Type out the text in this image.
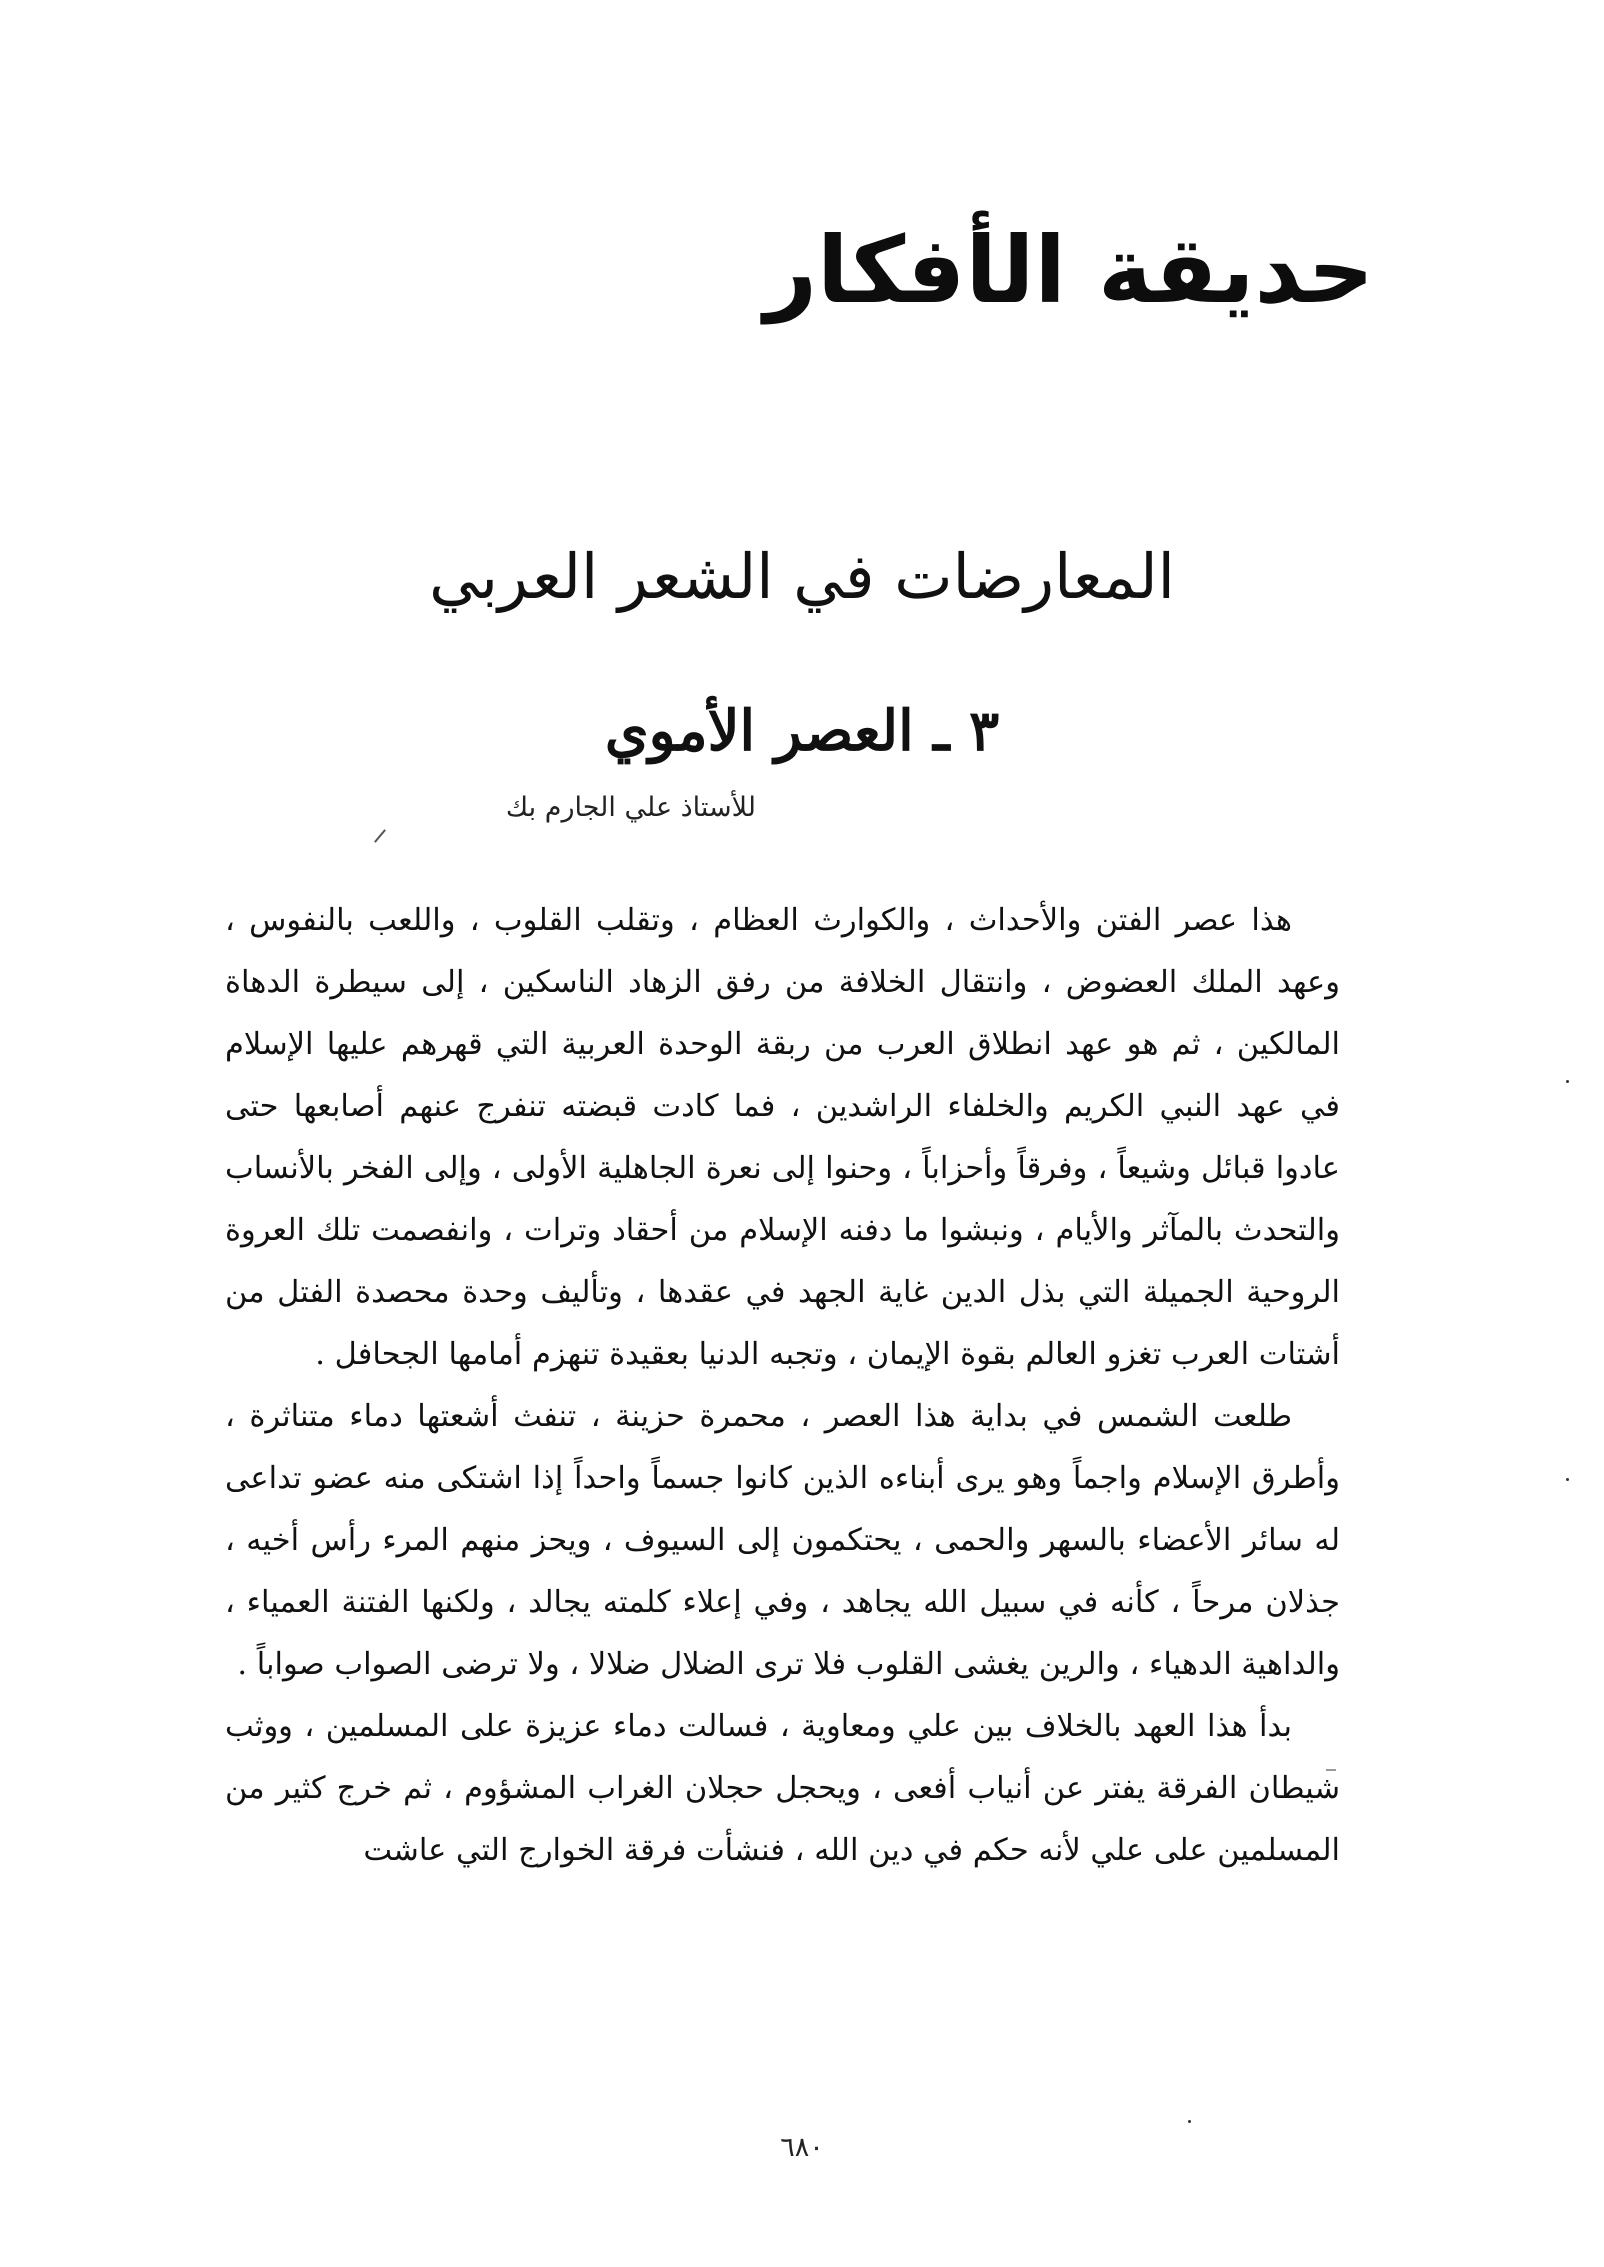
حديقة الأفكار
المعارضات في الشعر العربي
٣ ـ العصر الأموي
للأستاذ علي الجارم بك

هذا عصر الفتن والأحداث ، والكوارث العظام ، وتقلب القلوب ، واللعب بالنفوس ، وعهد الملك العضوض ، وانتقال الخلافة من رفق الزهاد الناسكين ، إلى سيطرة الدهاة المالكين ، ثم هو عهد انطلاق العرب من ربقة الوحدة العربية التي قهرهم عليها الإسلام في عهد النبي الكريم والخلفاء الراشدين ، فما كادت قبضته تنفرج عنهم أصابعها حتى عادوا قبائل وشيعاً ، وفرقاً وأحزاباً ، وحنوا إلى نعرة الجاهلية الأولى ، وإلى الفخر بالأنساب والتحدث بالمآثر والأيام ، ونبشوا ما دفنه الإسلام من أحقاد وترات ، وانفصمت تلك العروة الروحية الجميلة التي بذل الدين غاية الجهد في عقدها ، وتأليف وحدة محصدة الفتل من أشتات العرب تغزو العالم بقوة الإيمان ، وتجبه الدنيا بعقيدة تنهزم أمامها الجحافل .

طلعت الشمس في بداية هذا العصر ، محمرة حزينة ، تنفث أشعتها دماء متناثرة ، وأطرق الإسلام واجماً وهو يرى أبناءه الذين كانوا جسماً واحداً إذا اشتكى منه عضو تداعى له سائر الأعضاء بالسهر والحمى ، يحتكمون إلى السيوف ، ويحز منهم المرء رأس أخيه ، جذلان مرحاً ، كأنه في سبيل الله يجاهد ، وفي إعلاء كلمته يجالد ، ولكنها الفتنة العمياء ، والداهية الدهياء ، والرين يغشى القلوب فلا ترى الضلال ضلالا ، ولا ترضى الصواب صواباً .

بدأ هذا العهد بالخلاف بين علي ومعاوية ، فسالت دماء عزيزة على المسلمين ، ووثب شيطان الفرقة يفتر عن أنياب أفعى ، ويحجل حجلان الغراب المشؤوم ، ثم خرج كثير من المسلمين على علي لأنه حكم في دين الله ، فنشأت فرقة الخوارج التي عاشت

٦٨٠
